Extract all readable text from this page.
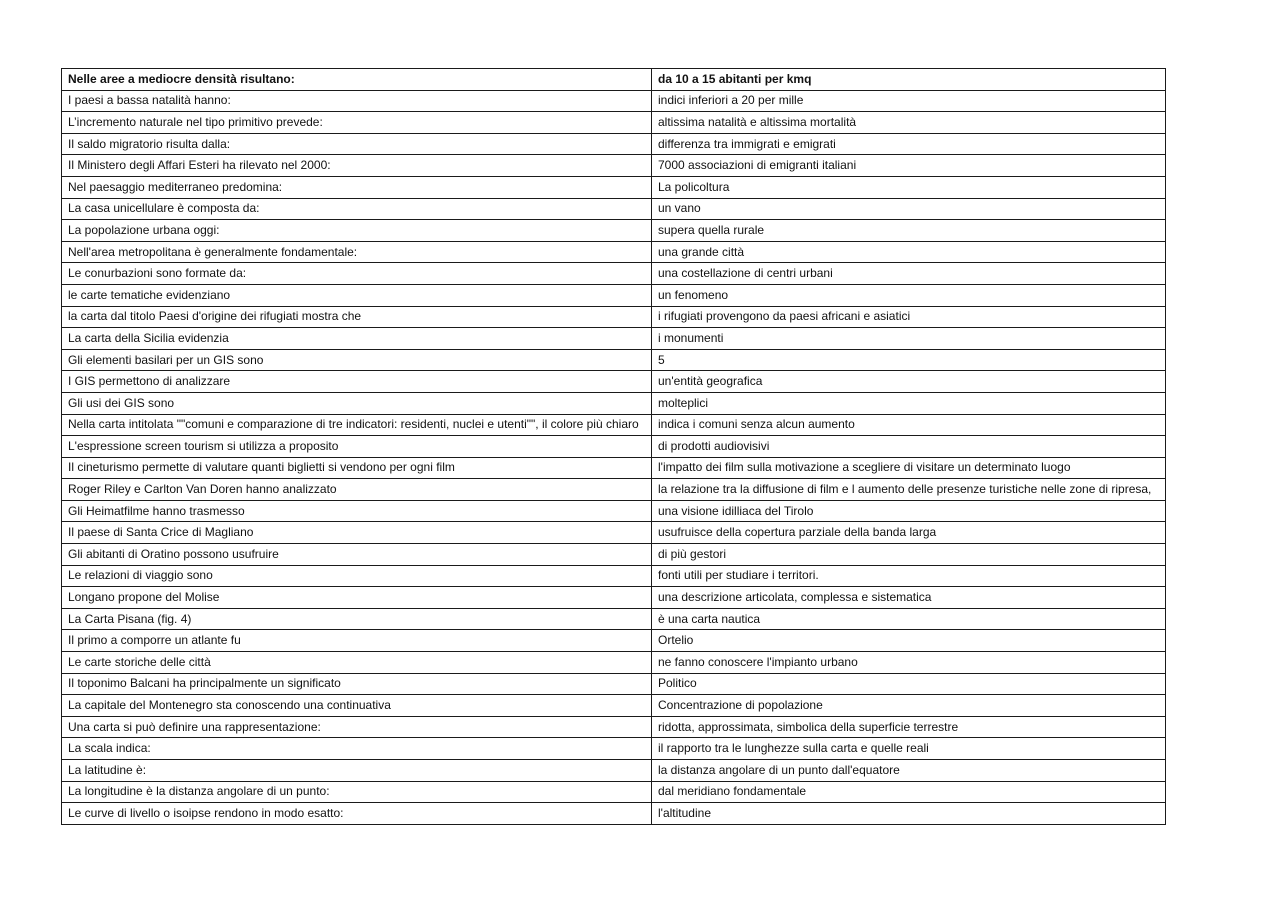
Nelle aree a mediocre densità risultano:	da 10 a 15 abitanti per kmq
I paesi a bassa natalità hanno:	indici inferiori a 20 per mille
L’incremento naturale nel tipo primitivo prevede:	altissima natalità e altissima mortalità
Il saldo migratorio risulta dalla:	differenza tra immigrati e emigrati
Il Ministero degli Affari Esteri ha rilevato nel 2000:	7000 associazioni di emigranti italiani
Nel paesaggio mediterraneo predomina:	La policoltura
La casa unicellulare è composta da:	un vano
La popolazione urbana oggi:	supera quella rurale
Nell'area metropolitana è generalmente fondamentale:	una grande città
Le conurbazioni sono formate da:	una costellazione di centri urbani
le carte tematiche evidenziano	un fenomeno
la carta dal titolo Paesi d'origine dei rifugiati mostra che	i rifugiati provengono da paesi africani e asiatici
La carta della Sicilia evidenzia	i monumenti
Gli elementi basilari per un GIS sono	5
I GIS permettono di analizzare	un'entità geografica
Gli usi dei GIS sono	molteplici
Nella carta intitolata ""comuni e comparazione di tre indicatori: residenti, nuclei e utenti"", il colore più chiaro	indica i comuni senza alcun aumento
L'espressione screen tourism si utilizza a proposito	di prodotti audiovisivi
Il cineturismo permette di valutare quanti biglietti si vendono per ogni film	l'impatto dei film sulla motivazione a scegliere di visitare un determinato luogo
Roger Riley e Carlton Van Doren hanno analizzato	la relazione tra la diffusione di film e l aumento delle presenze turistiche nelle zone di ripresa,
Gli Heimatfilme hanno trasmesso	una visione idilliaca del Tirolo
Il paese di Santa Crice di Magliano	usufruisce della copertura parziale della banda larga
Gli abitanti di Oratino possono usufruire	di più gestori
Le relazioni di viaggio sono	fonti utili per studiare i territori.
Longano propone del Molise	una descrizione articolata, complessa e sistematica
La Carta Pisana (fig. 4)	è una carta nautica
Il primo a comporre un atlante fu	Ortelio
Le carte storiche delle città	ne fanno conoscere l'impianto urbano
Il toponimo Balcani ha principalmente un significato	Politico
La capitale del Montenegro sta conoscendo una continuativa	Concentrazione di popolazione
Una carta si può definire una rappresentazione:	ridotta, approssimata, simbolica della superficie terrestre
La scala indica:	il rapporto tra le lunghezze sulla carta e quelle reali
La latitudine è:	la distanza angolare di un punto dall'equatore
La longitudine è la distanza angolare di un punto:	dal meridiano fondamentale
Le curve di livello o isoipse rendono in modo esatto:	l'altitudine
